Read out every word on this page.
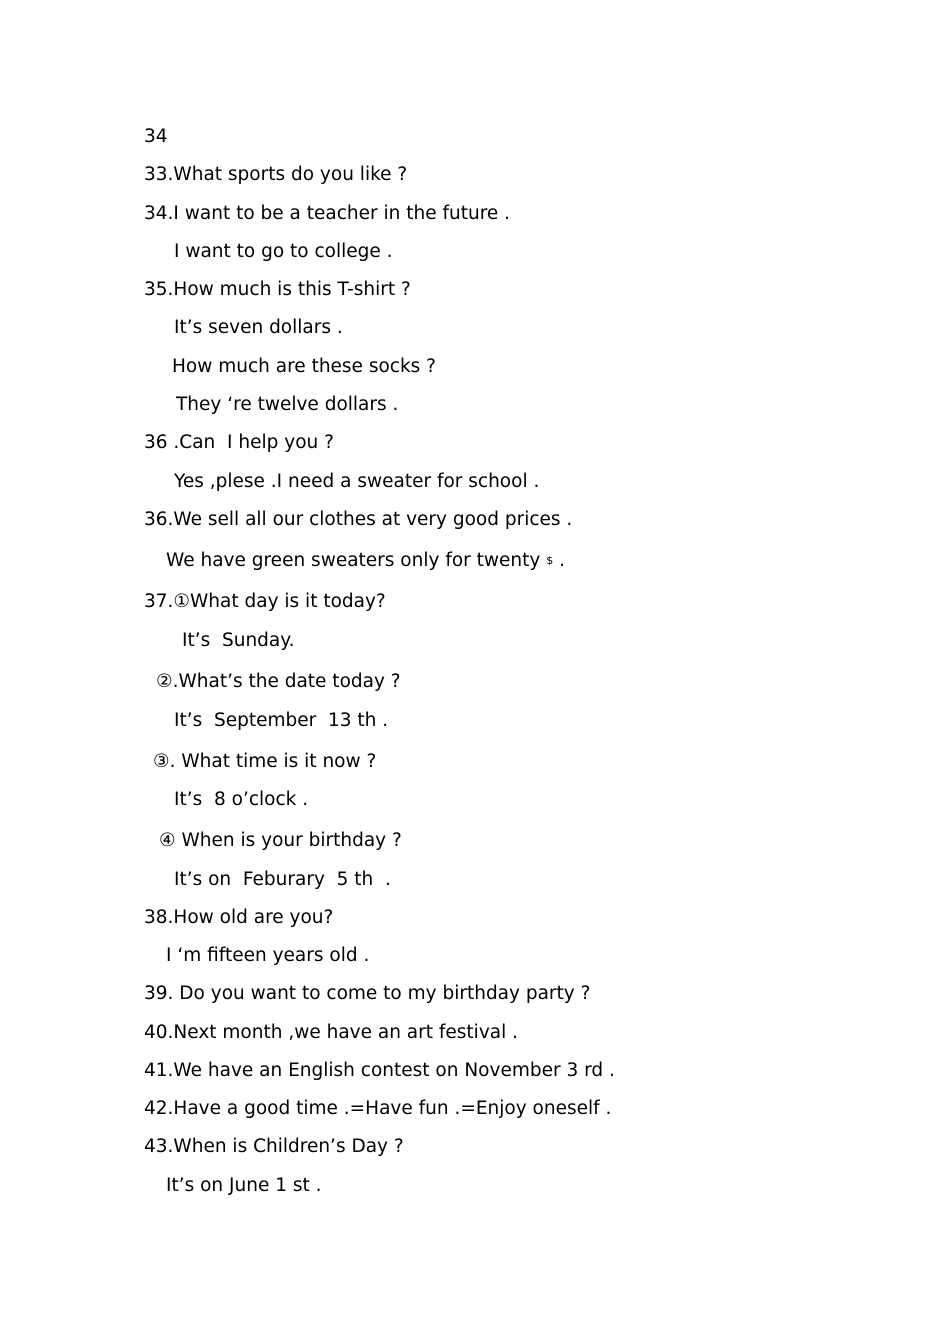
34

33.What sports do you like ?

34.I want to be a teacher in the future .

I want to go to college .

35.How much is this T-shirt ?

It’s seven dollars .

How much are these socks ?

They ‘re twelve dollars .

36 .Can  I help you ?

Yes ,plese .I need a sweater for school .

36.We sell all our clothes at very good prices .

We have green sweaters only for twenty $ .

37.①What day is it today?

It’s  Sunday.

②.What’s the date today ?

It’s  September  13 th .

③. What time is it now ?

It’s  8 o’clock .

④ When is your birthday ?

It’s on  Feburary  5 th  .

38.How old are you?

I ‘m fifteen years old .

39. Do you want to come to my birthday party ?

40.Next month ,we have an art festival .

41.We have an English contest on November 3 rd .

42.Have a good time .=Have fun .=Enjoy oneself .

43.When is Children’s Day ?

It’s on June 1 st .
